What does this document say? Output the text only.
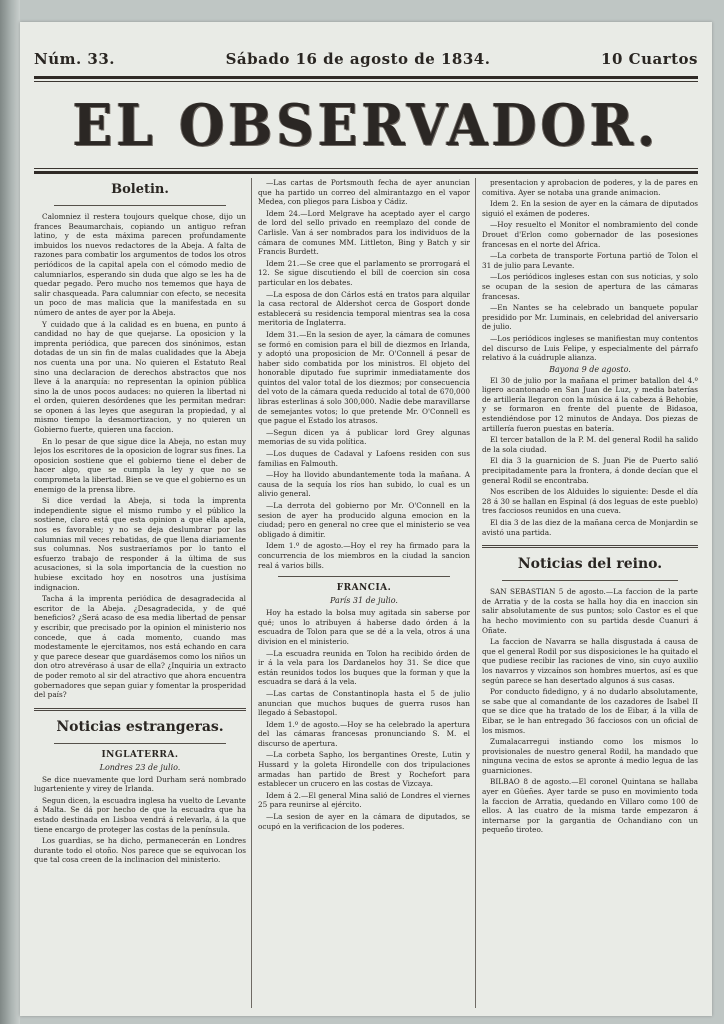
Núm. 33.	Sábado 16 de agosto de 1834.	10 Cuartos
EL OBSERVADOR.
Boletin.

Calomniez il restera toujours quelque chose, dijo un frances Beaumarchais, copiando un antiguo refran latino, y de esta máxima parecen profundamente imbuidos los nuevos redactores de la Abeja. A falta de razones para combatir los argumentos de todos los otros periódicos de la capital apela con el cómodo medio de calumniarlos, esperando sin duda que algo se les ha de quedar pegado. Pero mucho nos tememos que haya de salir chasqueada. Para calumniar con efecto, se necesita un poco de mas malicia que la manifestada en su número de antes de ayer por la Abeja.

Y cuidado que á la calidad es en buena, en punto á candidad no hay de que quejarse. La oposicion y la imprenta periódica, que parecen dos sinónimos, estan dotadas de un sin fin de malas cualidades que la Abeja nos cuenta una por una. No quieren el Estatuto Real sino una declaracion de derechos abstractos que nos lleve á la anarquía: no representan la opinion pública sino la de unos pocos audaces: no quieren la libertad ni el orden, quieren desórdenes que les permitan medrar: se oponen á las leyes que aseguran la propiedad, y al mismo tiempo la desamortizacion, y no quieren un Gobierno fuerte, quieren una faccion.

En lo pesar de que sigue dice la Abeja, no estan muy lejos los escritores de la oposicion de lograr sus fines. La oposicion sostiene que el gobierno tiene el deber de hacer algo, que se cumpla la ley y que no se comprometa la libertad. Bien se ve que el gobierno es un enemigo de la prensa libre.

Si dice verdad la Abeja, si toda la imprenta independiente sigue el mismo rumbo y el público la sostiene, claro está que esta opinion a que ella apela, nos es favorable; y no se deja deslumbrar por las calumnias mil veces rebatidas, de que llena diariamente sus columnas. Nos sustraeríamos por lo tanto el esfuerzo trabajo de responder á la última de sus acusaciones, si la sola importancia de la cuestion no hubiese excitado hoy en nosotros una justísima indignacion.

Tacha á la imprenta periódica de desagradecida al escritor de la Abeja. ¿Desagradecida, y de qué beneficios? ¿Será acaso de esa media libertad de pensar y escribir, que precisado por la opinion el ministerio nos concede, que á cada momento, cuando mas modestamente le ejercitamos, nos está echando en cara y que parece desear que guardásemos como los niños un don otro atrevéraso á usar de ella? ¿Inquiria un extracto de poder remoto al sir del atractivo que ahora encuentra gobernadores que sepan guiar y fomentar la prosperidad del país?

Noticias estrangeras.
INGLATERRA.
Londres 23 de julio.

Se dice nuevamente que lord Durham será nombrado lugarteniente y virey de Irlanda.

Segun dicen, la escuadra inglesa ha vuelto de Levante á Malta. Se dá por hecho de que la escuadra que ha estado destinada en Lisboa vendrá á relevarla, á la que tiene encargo de proteger las costas de la península.

Los guardias, se ha dicho, permanecerán en Londres durante todo el otoño. Nos parece que se equivocan los que tal cosa creen de la inclinacion del ministerio.

—Las cartas de Portsmouth fecha de ayer anuncian que ha partido un correo del almirantazgo en el vapor Medea, con pliegos para Lisboa y Cádiz.

Idem 24.—Lord Melgrave ha aceptado ayer el cargo de lord del sello privado en reemplazo del conde de Carlisle. Van á ser nombrados para los individuos de la cámara de comunes MM. Littleton, Bing y Batch y sir Francis Burdett.

Idem 21.—Se cree que el parlamento se prorrogará el 12. Se sigue discutiendo el bill de coercion sin cosa particular en los debates.

—La esposa de don Cárlos está en tratos para alquilar la casa rectoral de Aldershot cerca de Gosport donde establecerá su residencia temporal mientras sea la cosa meritoria de Inglaterra.

Idem 31.—En la sesion de ayer, la cámara de comunes se formó en comision para el bill de diezmos en Irlanda, y adoptó una proposicion de Mr. O'Connell á pesar de haber sido combatida por los ministros. El objeto del honorable diputado fue suprimir inmediatamente dos quintos del valor total de los diezmos; por consecuencia del voto de la cámara queda reducido al total de 670,000 libras esterlinas á solo 300,000. Nadie debe maravillarse de semejantes votos; lo que pretende Mr. O'Connell es que pague el Estado los atrasos.

—Segun dicen ya á publicar lord Grey algunas memorias de su vida política.

—Los duques de Cadaval y Lafoens residen con sus familias en Falmouth.

—Hoy ha llovido abundantemente toda la mañana. A causa de la sequía los ríos han subido, lo cual es un alivio general.

—La derrota del gobierno por Mr. O'Connell en la sesion de ayer ha producido alguna emocion en la ciudad; pero en general no cree que el ministerio se vea obligado á dimitir.

Idem 1.º de agosto.—Hoy el rey ha firmado para la concurrencia de los miembros en la ciudad la sancion real á varios bills.

FRANCIA.
París 31 de julio.

Hoy ha estado la bolsa muy agitada sin saberse por qué; unos lo atribuyen á haberse dado órden á la escuadra de Tolon para que se dé a la vela, otros á una division en el ministerio.

—La escuadra reunida en Tolon ha recibido órden de ir á la vela para los Dardanelos hoy 31. Se dice que están reunidos todos los buques que la forman y que la escuadra se dará á la vela.

—Las cartas de Constantinopla hasta el 5 de julio anuncian que muchos buques de guerra rusos han llegado á Sebastopol.

Idem 1.º de agosto.—Hoy se ha celebrado la apertura del las cámaras francesas pronunciando S. M. el discurso de apertura.

—La corbeta Sapho, los bergantines Oreste, Lutin y Hussard y la goleta Hirondelle con dos tripulaciones armadas han partido de Brest y Rochefort para establecer un crucero en las costas de Vizcaya.

Idem á 2.—El general Mina salió de Londres el viernes 25 para reunirse al ejército.

—La sesion de ayer en la cámara de diputados, se ocupó en la verificacion de los poderes.

presentacion y aprobacion de poderes, y la de pares en comitiva. Ayer se notaba una grande animacion.

Idem 2. En la sesion de ayer en la cámara de diputados siguió el exámen de poderes.

—Hoy resuelto el Monitor el nombramiento del conde Drouet d'Erlon como gobernador de las posesiones francesas en el norte del Africa.

—La corbeta de transporte Fortuna partió de Tolon el 31 de julio para Levante.

—Los periódicos ingleses estan con sus noticias, y solo se ocupan de la sesion de apertura de las cámaras francesas.

—En Nantes se ha celebrado un banquete popular presidido por Mr. Luminais, en celebridad del aniversario de julio.

—Los periódicos ingleses se manifiestan muy contentos del discurso de Luis Felipe, y especialmente del párrafo relativo á la cuádruple alianza.

Bayona 9 de agosto.

El 30 de julio por la mañana el primer batallon del 4.º ligero acantonado en San Juan de Luz, y media baterías de artillería llegaron con la música á la cabeza á Behobie, y se formaron en frente del puente de Bidasoa, estendiéndose por 12 minutos de Andaya. Dos piezas de artillería fueron puestas en batería.

El tercer batallon de la P. M. del general Rodil ha salido de la sola ciudad.

El dia 3 la guarnicion de S. Juan Pie de Puerto salió precipitadamente para la frontera, á donde decían que el general Rodil se encontraba.

Nos escriben de los Alduides lo siguiente: Desde el día 28 á 30 se hallan en Espinal (á dos leguas de este pueblo) tres facciosos reunidos en una cueva.

El dia 3 de las diez de la mañana cerca de Monjardin se avistó una partida.

Noticias del reino.

SAN SEBASTIAN 5 de agosto.—La faccion de la parte de Arratia y de la costa se halla hoy dia en inaccion sin salir absolutamente de sus puntos; solo Castor es el que ha hecho movimiento con su partida desde Cuanuri á Oñate.

La faccion de Navarra se halla disgustada á causa de que el general Rodil por sus disposiciones le ha quitado el que pudiese recibir las raciones de vino, sin cuyo auxilio los navarros y vizcaínos son hombres muertos, así es que según parece se han desertado algunos á sus casas.

Por conducto fidedigno, y á no dudarlo absolutamente, se sabe que al comandante de los cazadores de Isabel II que se dice que ha tratado de los de Eibar, á la villa de Eibar, se le han entregado 36 facciosos con un oficial de los mismos.

Zumalacarregui instiando como los mismos lo provisionales de nuestro general Rodil, ha mandado que ninguna vecina de estos se apronte á medio legua de las guarniciones.

BILBAO 8 de agosto.—El coronel Quintana se hallaba ayer en Güeñes. Ayer tarde se puso en movimiento toda la faccion de Arratia, quedando en Villaro como 100 de ellos. A las cuatro de la misma tarde empezaron á internarse por la gargantia de Ochandiano con un pequeño tiroteo.
